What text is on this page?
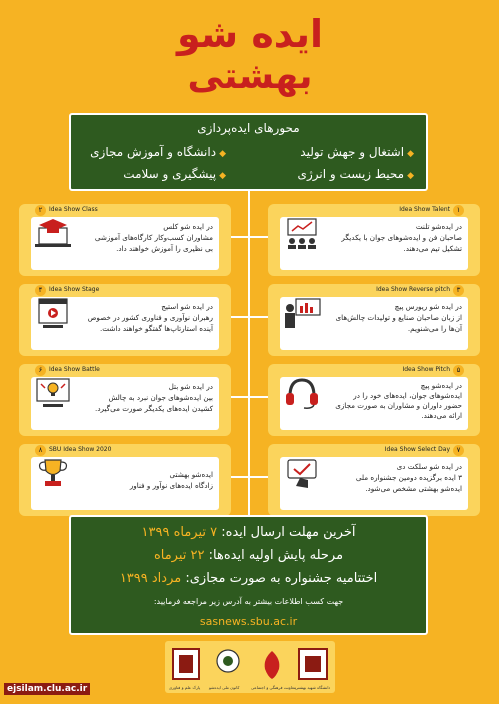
ایده شو
بهشتی
محورهای ایده‌پردازی
◆اشتغال و جهش تولید
◆دانشگاه و آموزش مجازی
◆محیط زیست و انرژی
◆پیشگیری و سلامت
Idea Show Talent ۱
در ایده‌شو تلنت
صاحبان فن و ایده‌شوهای جوان با یکدیگر
تشکیل تیم می‌دهند.
Idea Show Class
۲
در ایده شو کلس
مشاوران کسب‌وکار کارگاه‌های آموزشی
بی نظیری را آموزش خواهند داد.
Idea Show Reverse pitch ۳
در ایده شو ریورس پیچ
از زبان صاحبان صنایع و تولیدات چالش‌های
آن‌ها را می‌شنویم.
Idea Show Stage
۴
در ایده شو استیج
رهبران نوآوری و فناوری کشور در خصوص
آینده استارتاپ‌ها گفتگو خواهند داشت.
Idea Show Pitch ۵
در ایده‌شو پیچ
ایده‌شوهای جوان، ایده‌های خود را در
حضور داوران و مشاوران به صورت مجازی
ارائه می‌دهند.
Idea Show Battle
۶
در ایده شو بتل
بین ایده‌شوهای جوان نبرد به چالش
کشیدن ایده‌های یکدیگر صورت می‌گیرد.
Idea Show Select Day ۷
در ایده شو سلکت دی
۳ ایده برگزیده دومین جشنواره ملی
ایده‌شو بهشتی مشخص می‌شود.
SBU Idea Show 2020
۸
ایده‌شو بهشتی
زادگاه ایده‌های نوآور و فناور
آخرین مهلت ارسال ایده: ۷ تیرماه ۱۳۹۹
مرحله پایش اولیه ایده‌ها: ۲۲ تیرماه
اختتامیه جشنواره به صورت مجازی: مرداد ۱۳۹۹
جهت کسب اطلاعات بیشتر به آدرس زیر مراجعه فرمایید:
sasnews.sbu.ac.ir
پارک علم و فناوری کانون ملی ایده‌شو	معاونت فرهنگی و اجتماعی
دانشگاه شهید بهشتی
ejsilam.clu.ac.ir
